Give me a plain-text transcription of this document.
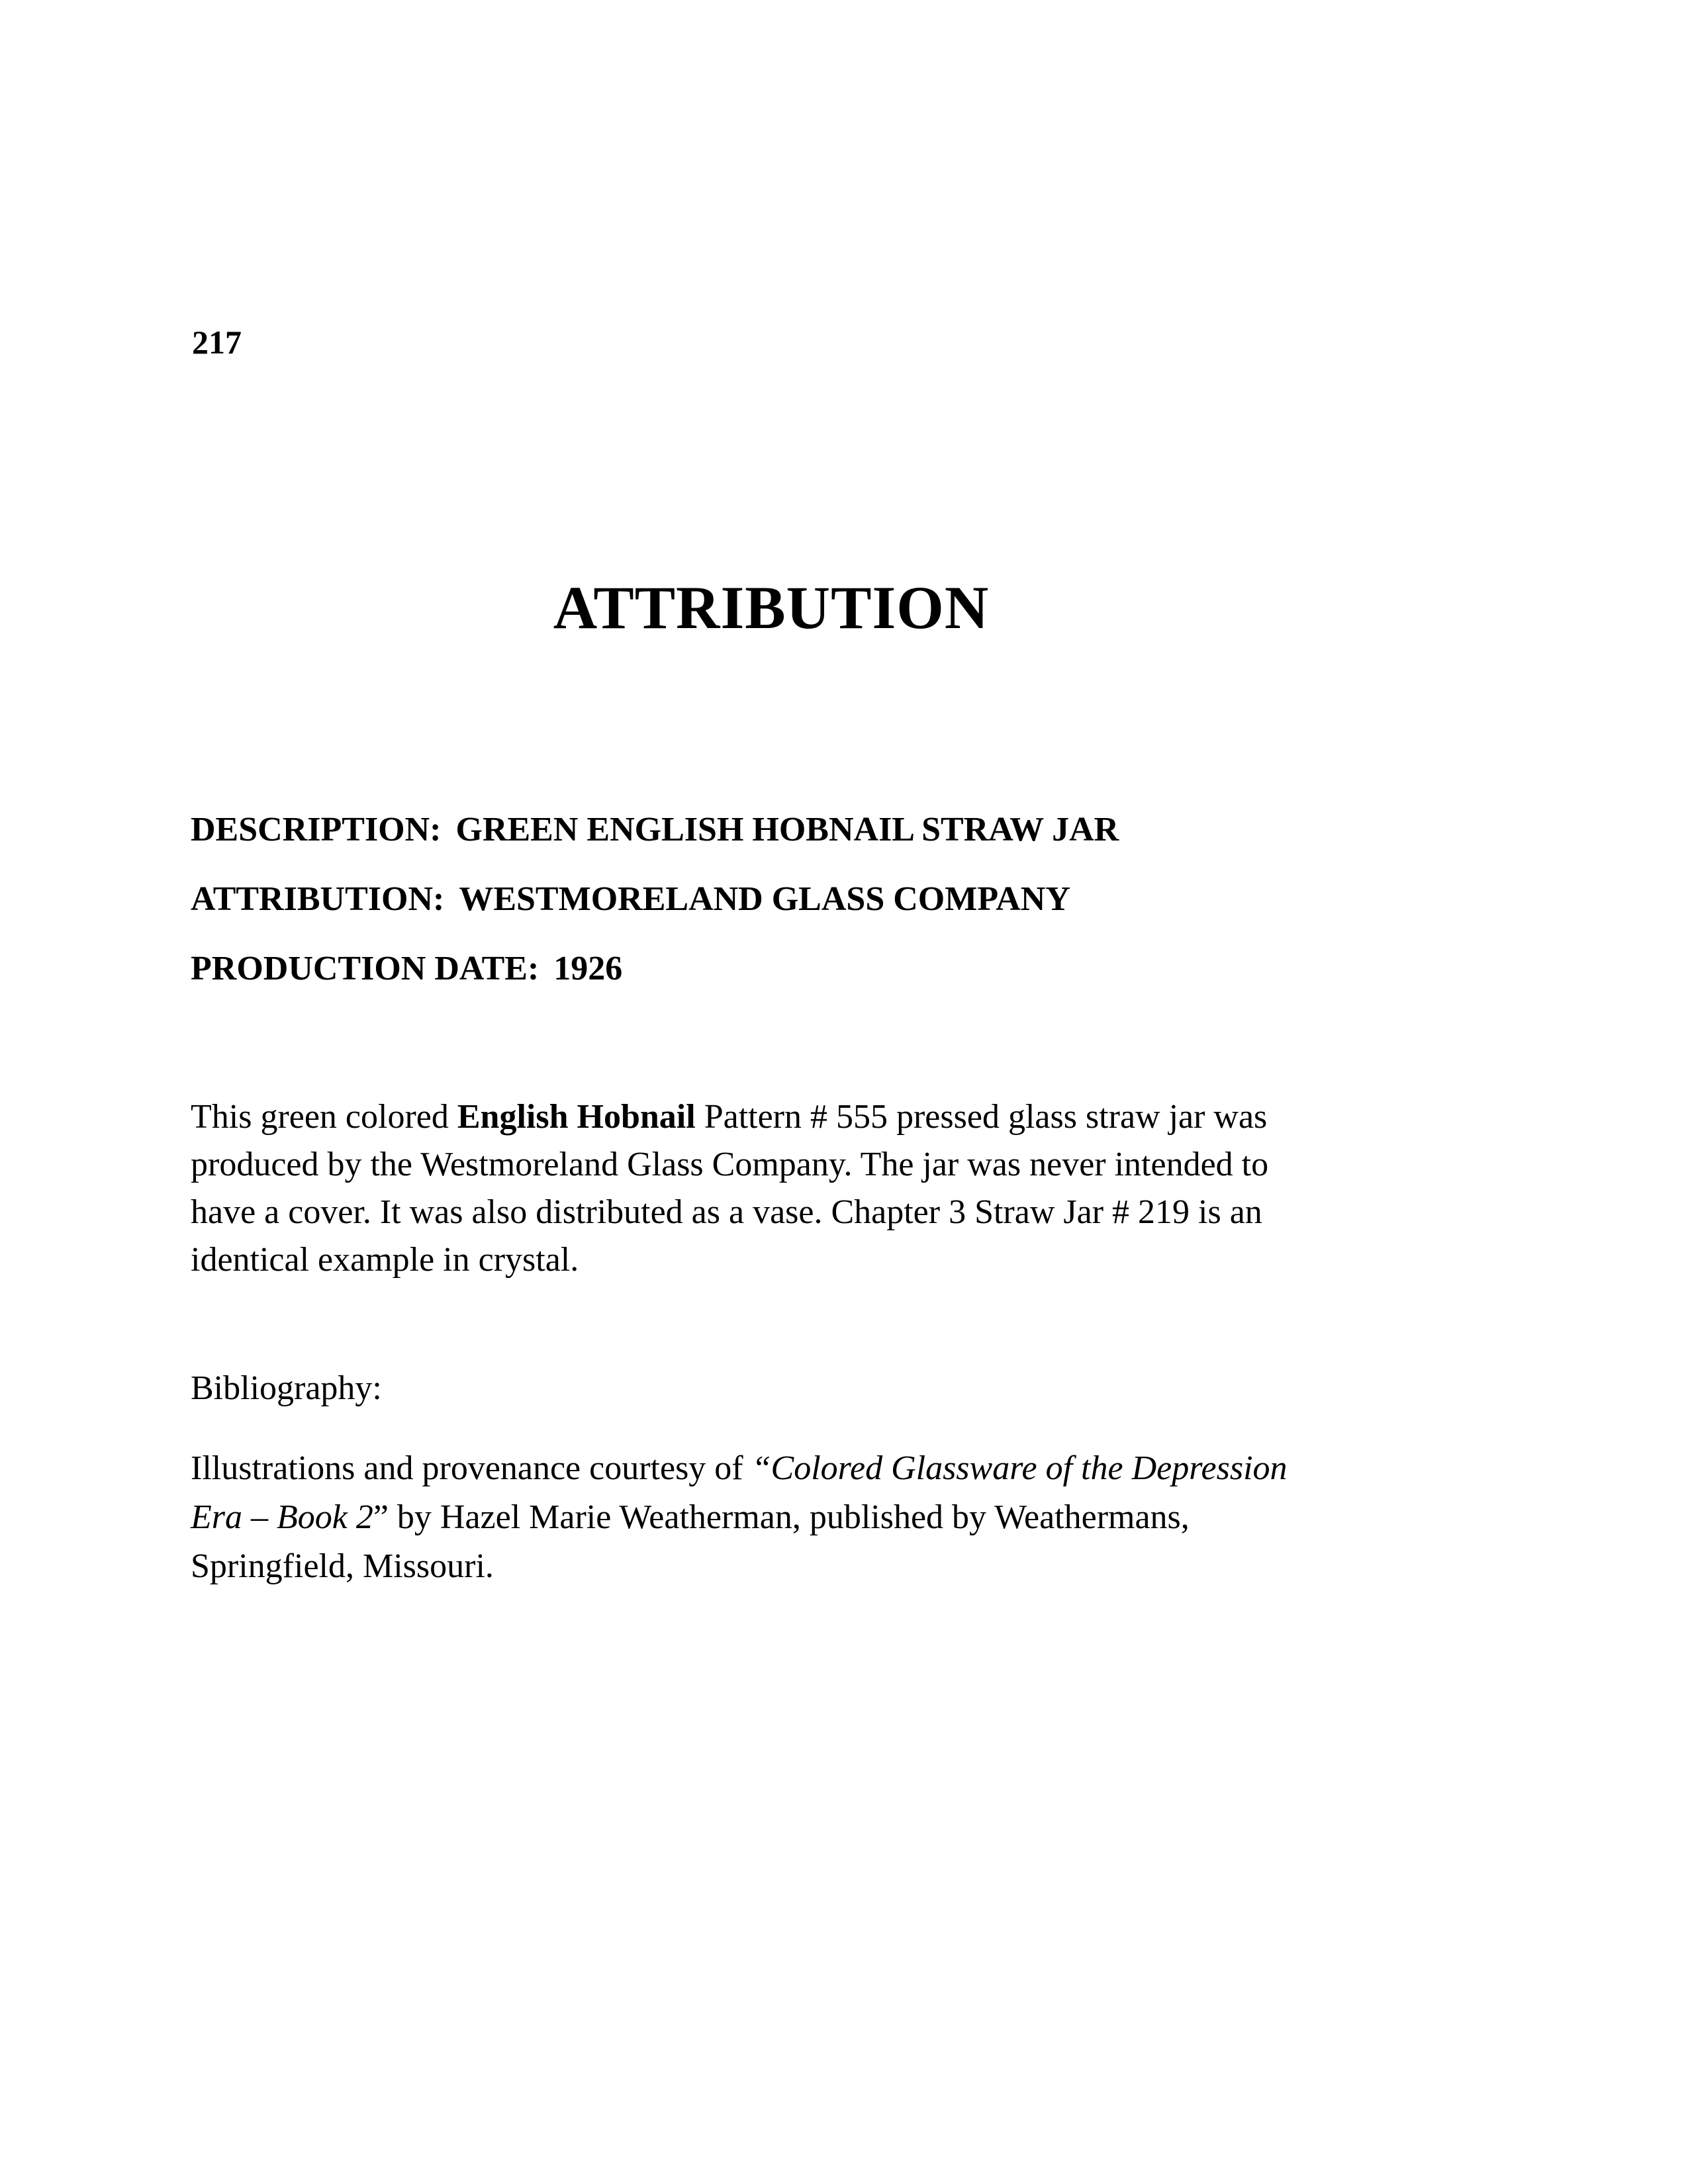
217
ATTRIBUTION
DESCRIPTION: GREEN ENGLISH HOBNAIL STRAW JAR
ATTRIBUTION: WESTMORELAND GLASS COMPANY
PRODUCTION DATE: 1926
This green colored English Hobnail Pattern # 555 pressed glass straw jar was
produced by the Westmoreland Glass Company. The jar was never intended to
have a cover. It was also distributed as a vase. Chapter 3 Straw Jar # 219 is an
identical example in crystal.
Bibliography:
Illustrations and provenance courtesy of “Colored Glassware of the Depression
Era – Book 2” by Hazel Marie Weatherman, published by Weathermans,
Springfield, Missouri.
